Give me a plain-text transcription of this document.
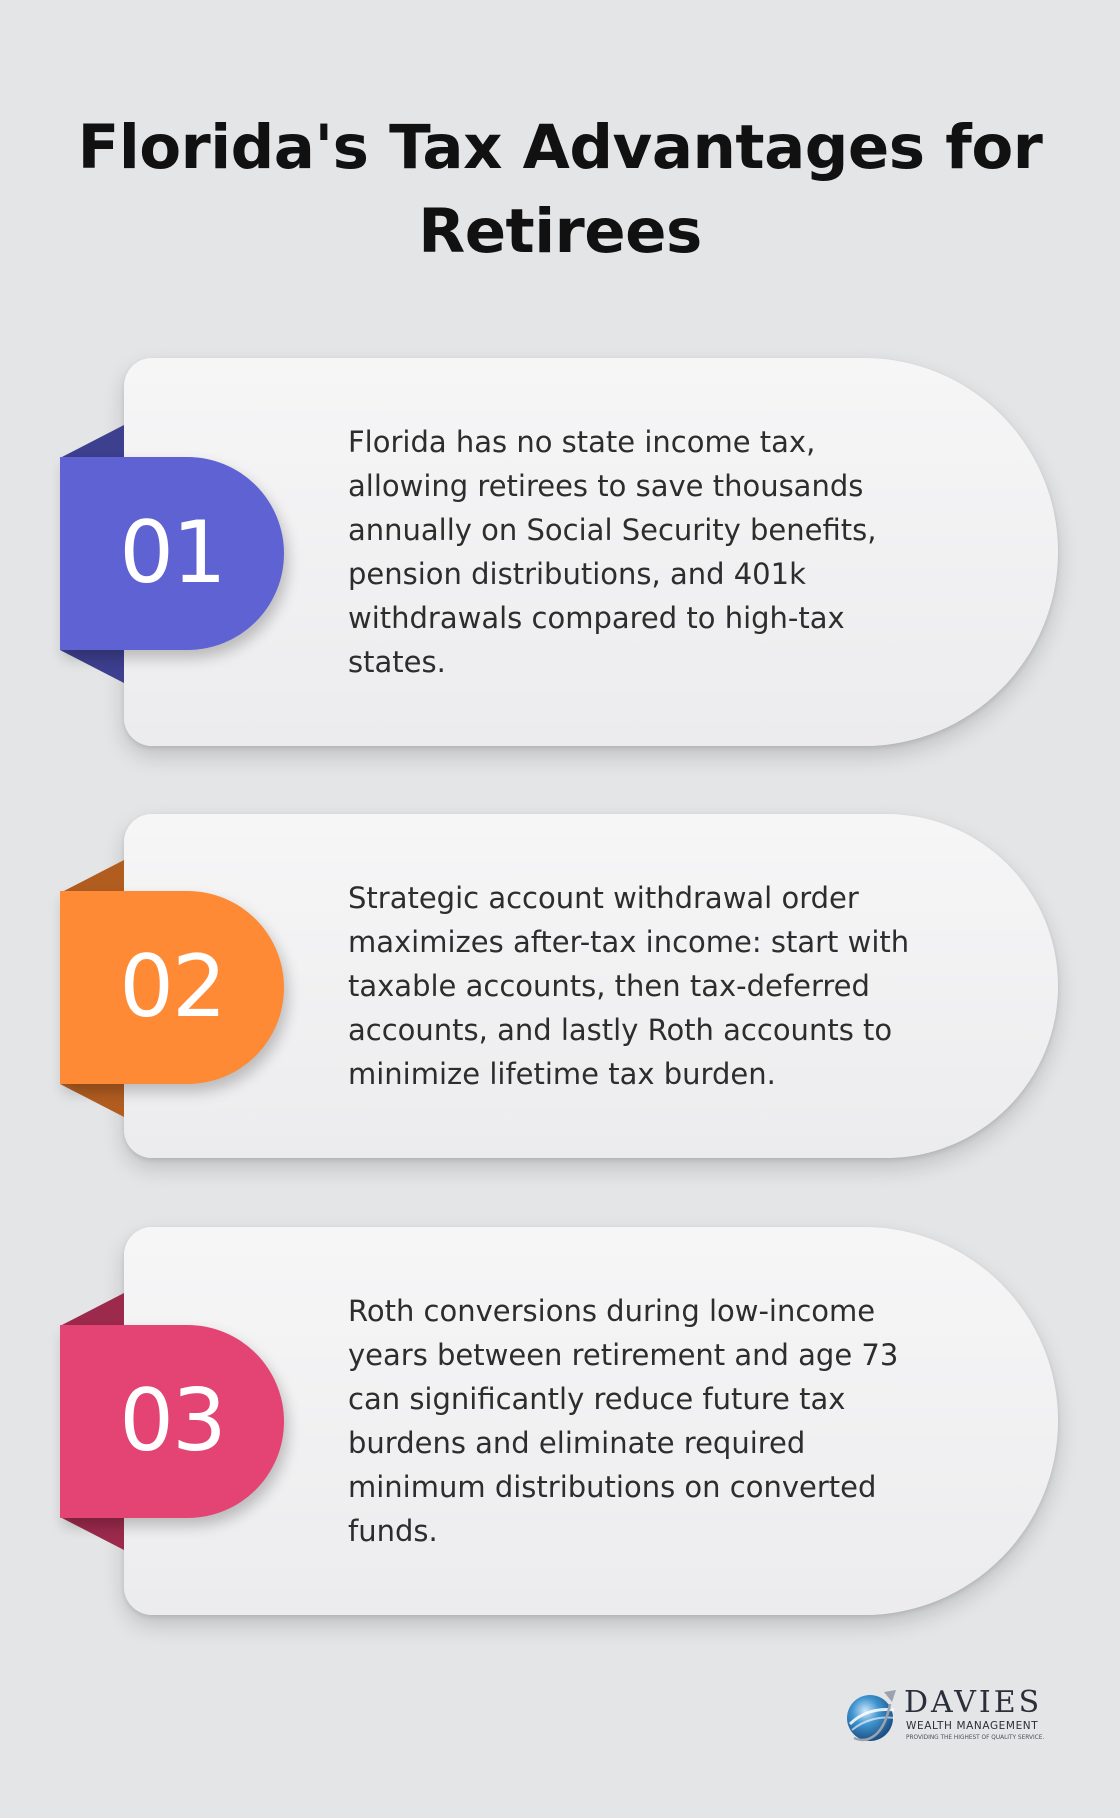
Florida's Tax Advantages for Retirees
Florida has no state income tax, allowing retirees to save thousands annually on Social Security benefits, pension distributions, and 401k withdrawals compared to high-tax states.
01
Strategic account withdrawal order maximizes after-tax income: start with taxable accounts, then tax-deferred accounts, and lastly Roth accounts to minimize lifetime tax burden.
02
Roth conversions during low-income years between retirement and age 73 can significantly reduce future tax burdens and eliminate required minimum distributions on converted funds.
03
DAVIES
WEALTH MANAGEMENT
PROVIDING THE HIGHEST OF QUALITY SERVICE.
